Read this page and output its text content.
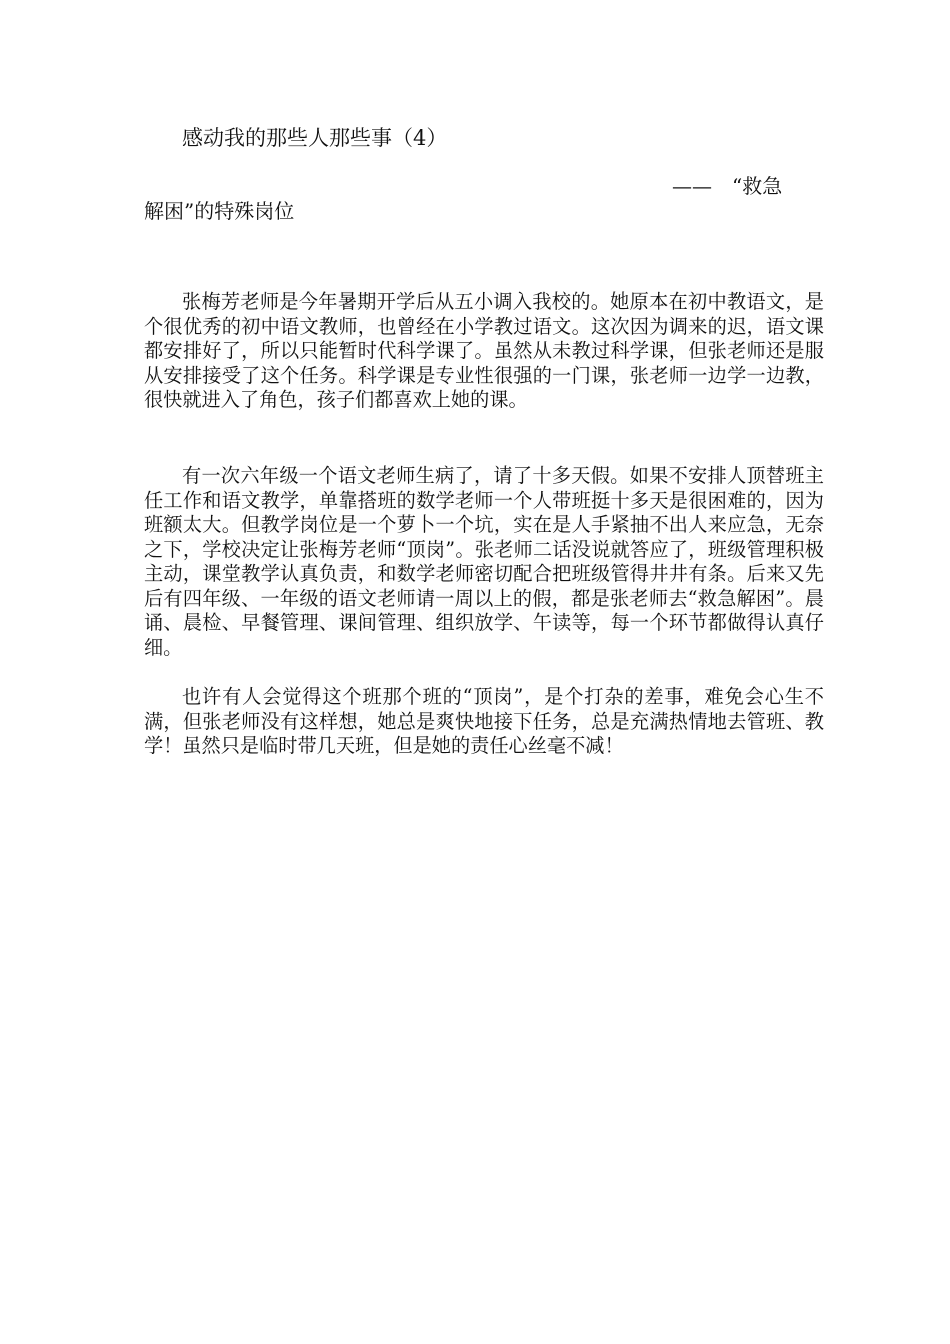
感动我的那些人那些事（4）
——　“救急
解困”的特殊岗位

张梅芳老师是今年暑期开学后从五小调入我校的。她原本在初中教语文，是个很优秀的初中语文教师，也曾经在小学教过语文。这次因为调来的迟，语文课都安排好了，所以只能暂时代科学课了。虽然从未教过科学课，但张老师还是服从安排接受了这个任务。科学课是专业性很强的一门课，张老师一边学一边教，很快就进入了角色，孩子们都喜欢上她的课。

有一次六年级一个语文老师生病了，请了十多天假。如果不安排人顶替班主任工作和语文教学，单靠搭班的数学老师一个人带班挺十多天是很困难的，因为班额太大。但教学岗位是一个萝卜一个坑，实在是人手紧抽不出人来应急，无奈之下，学校决定让张梅芳老师“顶岗”。张老师二话没说就答应了，班级管理积极主动，课堂教学认真负责，和数学老师密切配合把班级管得井井有条。后来又先后有四年级、一年级的语文老师请一周以上的假，都是张老师去“救急解困”。晨诵、晨检、早餐管理、课间管理、组织放学、午读等，每一个环节都做得认真仔细。

也许有人会觉得这个班那个班的“顶岗”，是个打杂的差事，难免会心生不满，但张老师没有这样想，她总是爽快地接下任务，总是充满热情地去管班、教学！虽然只是临时带几天班，但是她的责任心丝毫不减！
